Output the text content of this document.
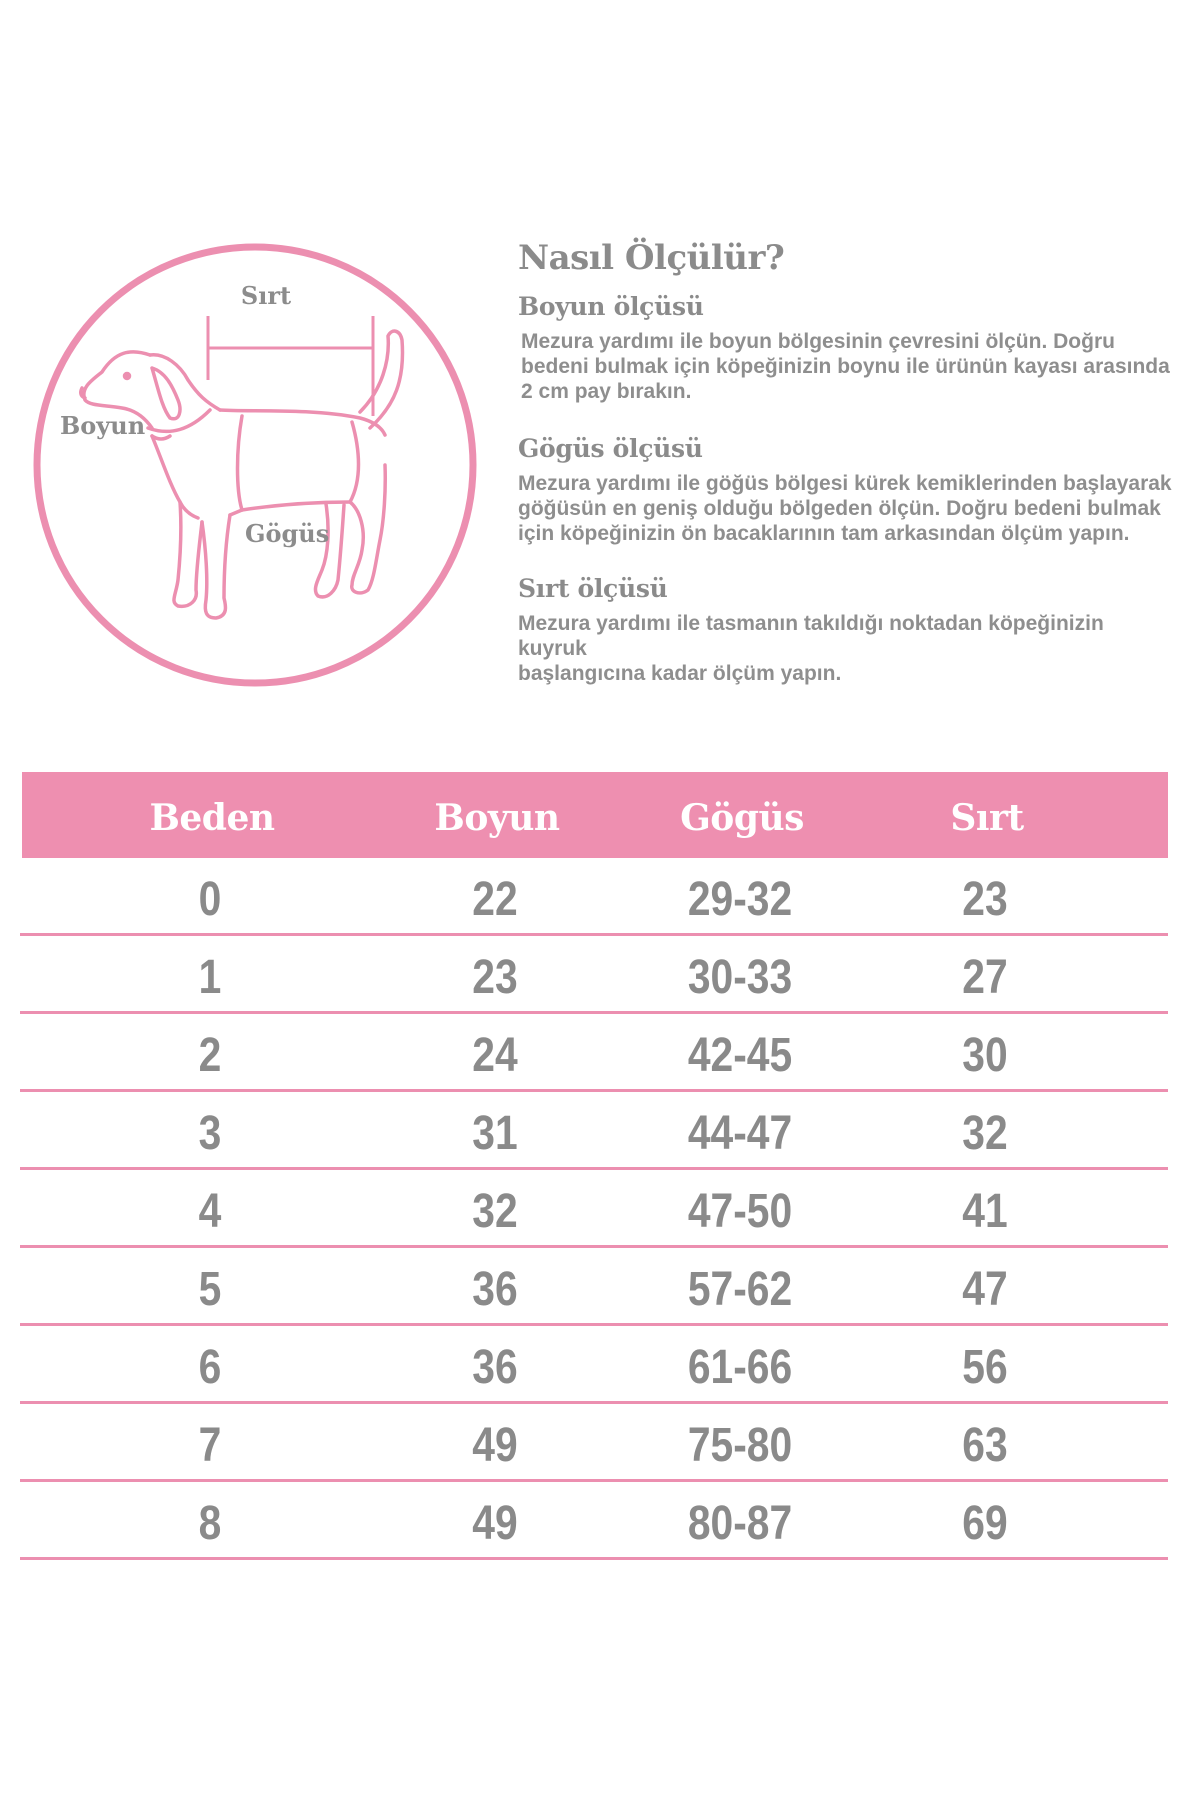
Sırt
Boyun
Gögüs
Nasıl Ölçülür?
Boyun ölçüsü

Mezura yardımı ile boyun bölgesinin çevresini ölçün. Doğru

bedeni bulmak için köpeğinizin boynu ile ürünün kayası arasında

2 cm pay bırakın.

Gögüs ölçüsü

Mezura yardımı ile göğüs bölgesi kürek kemiklerinden başlayarak

göğüsün en geniş olduğu bölgeden ölçün. Doğru bedeni bulmak

için köpeğinizin ön bacaklarının tam arkasından ölçüm yapın.

Sırt ölçüsü

Mezura yardımı ile tasmanın takıldığı noktadan köpeğinizin kuyruk

başlangıcına kadar ölçüm yapın.

Beden	Boyun	Gögüs	Sırt
0	22	29-32	23
1	23	30-33	27
2	24	42-45	30
3	31	44-47	32
4	32	47-50	41
5	36	57-62	47
6	36	61-66	56
7	49	75-80	63
8	49	80-87	69
